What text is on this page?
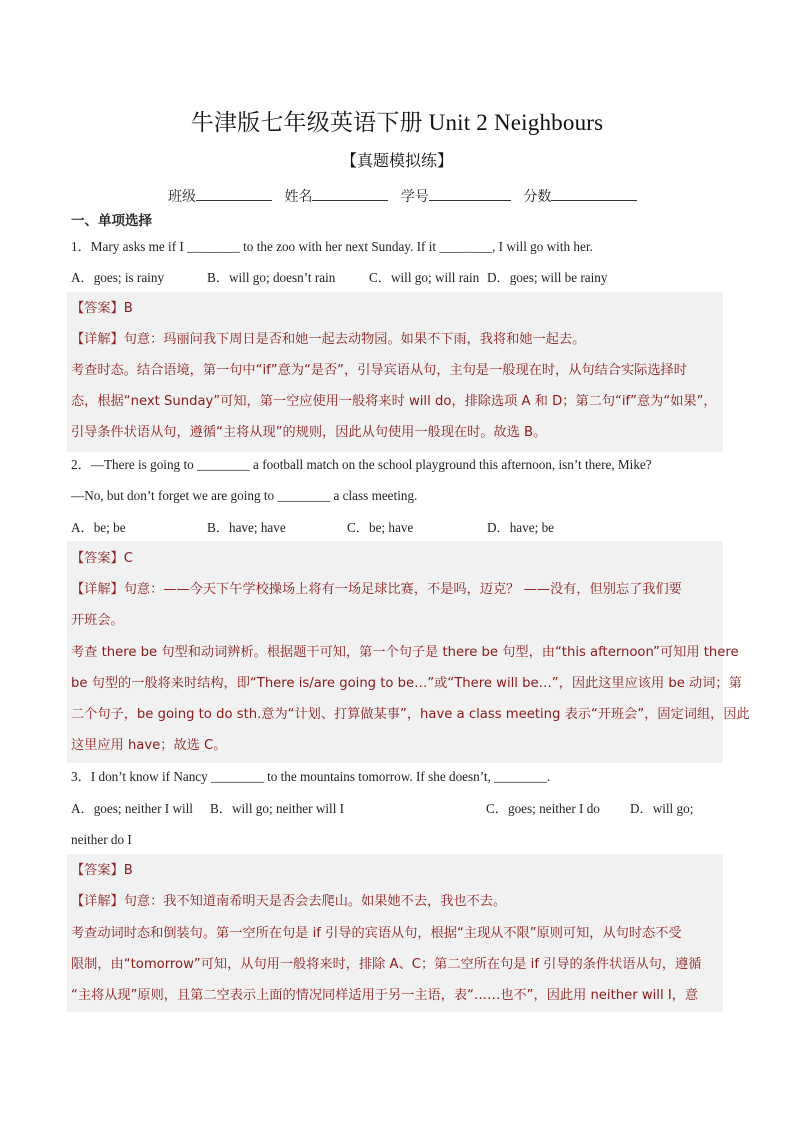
牛津版七年级英语下册 Unit 2 Neighbours
【真题模拟练】
班级	姓名	学号	分数
一、单项选择
1．Mary asks me if I ________ to the zoo with her next Sunday. If it ________, I will go with her.
A．goes; is rainy	B．will go; doesn’t rain	C．will go; will rain D．goes; will be rainy
【答案】B
【详解】句意：玛丽问我下周日是否和她一起去动物园。如果不下雨，我将和她一起去。
考查时态。结合语境，第一句中“if”意为“是否”，引导宾语从句，主句是一般现在时，从句结合实际选择时
态，根据“next Sunday”可知，第一空应使用一般将来时 will do，排除选项 A 和 D；第二句“if”意为“如果”，
引导条件状语从句，遵循“主将从现”的规则，因此从句使用一般现在时。故选 B。
2．—There is going to ________ a football match on the school playground this afternoon, isn’t there, Mike?
—No, but don’t forget we are going to ________ a class meeting.
A．be; be	B．have; have	C．be; have	D．have; be
【答案】C
【详解】句意：——今天下午学校操场上将有一场足球比赛，不是吗，迈克？ ——没有，但别忘了我们要
开班会。
考查 there be 句型和动词辨析。根据题干可知，第一个句子是 there be 句型，由“this afternoon”可知用 there
be 句型的一般将来时结构，即“There is/are going to be…”或“There will be…”，因此这里应该用 be 动词；第
二个句子，be going to do sth.意为“计划、打算做某事”，have a class meeting 表示“开班会”，固定词组，因此
这里应用 have；故选 C。
3．I don’t know if Nancy ________ to the mountains tomorrow. If she doesn’t, ________.
A．goes; neither I will B．will go; neither will I	C．goes; neither I do D．will go;
neither do I
【答案】B
【详解】句意：我不知道南希明天是否会去爬山。如果她不去，我也不去。
考查动词时态和倒装句。第一空所在句是 if 引导的宾语从句，根据“主现从不限”原则可知，从句时态不受
限制，由“tomorrow”可知，从句用一般将来时，排除 A、C；第二空所在句是 if 引导的条件状语从句，遵循
“主将从现”原则，且第二空表示上面的情况同样适用于另一主语，表“……也不”，因此用 neither will I，意
